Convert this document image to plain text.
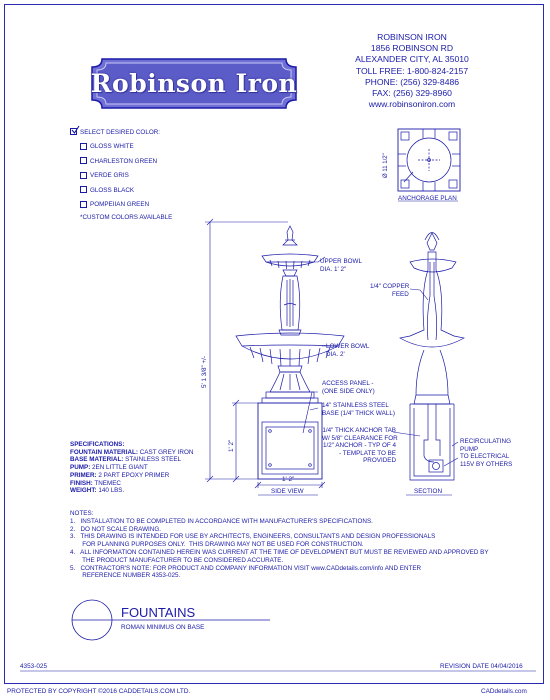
Robinson Iron
ROBINSON IRON
1856 ROBINSON RD
ALEXANDER CITY, AL 35010
TOLL FREE: 1-800-824-2157
PHONE: (256) 329-8486
FAX: (256) 329-8960
www.robinsoniron.com
SELECT DESIRED COLOR:
GLOSS WHITE
CHARLESTON GREEN
VERDE GRIS
GLOSS BLACK
POMPEIIAN GREEN
*CUSTOM COLORS AVAILABLE
ANCHORAGE PLAN
Ø 11 1/2"
5' 1 3/8" +/-
1' 2"
1' 2"
SIDE VIEW	SECTION
UPPER BOWL
DIA. 1' 2"
LOWER BOWL
DIA. 2'
ACCESS PANEL -
(ONE SIDE ONLY)
14" STAINLESS STEEL
BASE (1/4" THICK WALL)
1/4" THICK ANCHOR TAB
W/ 5/8" CLEARANCE FOR
1/2" ANCHOR - TYP OF 4
- TEMPLATE TO BE
PROVIDED
1/4" COPPER
FEED
RECIRCULATING
PUMP
TO ELECTRICAL
115V BY OTHERS
SPECIFICATIONS:
FOUNTAIN MATERIAL: CAST GREY IRON
BASE MATERIAL: STAINLESS STEEL
PUMP: 2EN LITTLE GIANT
PRIMER: 2 PART EPOXY PRIMER
FINISH: TNEMEC
WEIGHT: 140 LBS.
NOTES:
1.   INSTALLATION TO BE COMPLETED IN ACCORDANCE WITH MANUFACTURER'S SPECIFICATIONS.
2.   DO NOT SCALE DRAWING.
3.   THIS DRAWING IS INTENDED FOR USE BY ARCHITECTS, ENGINEERS, CONSULTANTS AND DESIGN PROFESSIONALS
FOR PLANNING PURPOSES ONLY.  THIS DRAWING MAY NOT BE USED FOR CONSTRUCTION.
4.   ALL INFORMATION CONTAINED HEREIN WAS CURRENT AT THE TIME OF DEVELOPMENT BUT MUST BE REVIEWED AND APPROVED BY
THE PRODUCT MANUFACTURER TO BE CONSIDERED ACCURATE.
5.   CONTRACTOR'S NOTE: FOR PRODUCT AND COMPANY INFORMATION VISIT www.CADdetails.com/info AND ENTER
REFERENCE NUMBER 4353-025.
FOUNTAINS
ROMAN MINIMUS ON BASE
4353-025	REVISION DATE 04/04/2016
PROTECTED BY COPYRIGHT ©2016 CADDETAILS.COM LTD.	CADdetails.com
